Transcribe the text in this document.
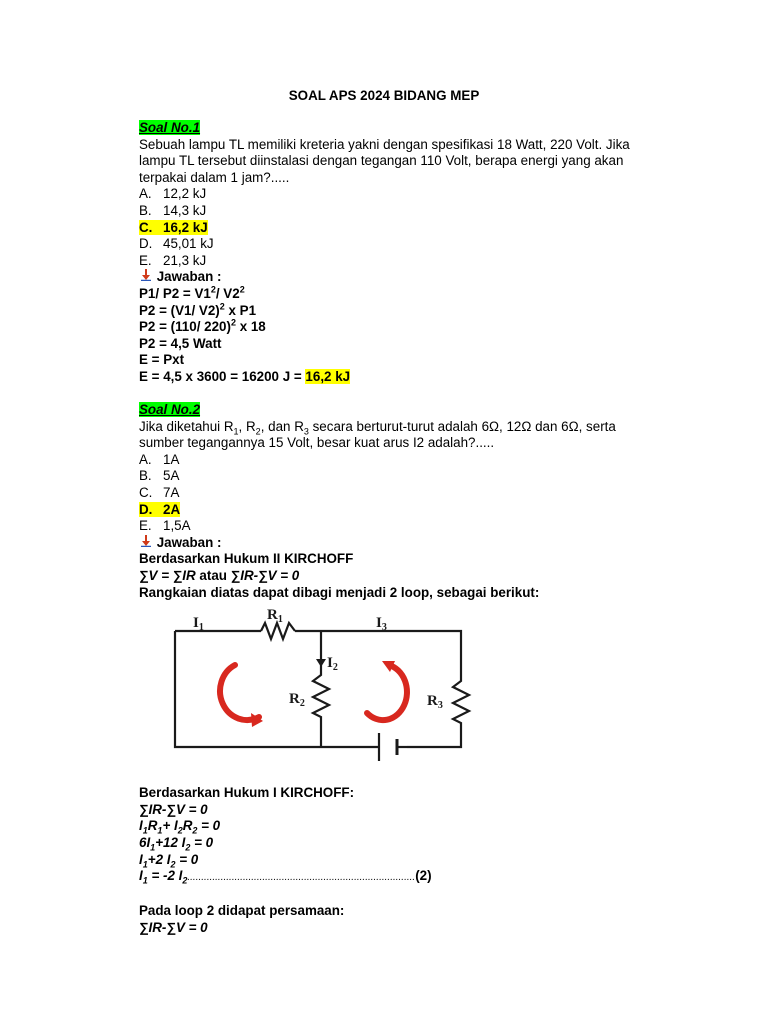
SOAL APS 2024 BIDANG MEP
Soal No.1
Sebuah lampu TL memiliki kreteria yakni dengan spesifikasi 18 Watt, 220 Volt. Jika lampu TL tersebut diinstalasi dengan tegangan 110 Volt, berapa energi yang akan terpakai dalam 1 jam?.....
A. 12,2 kJ
B. 14,3 kJ
C. 16,2 kJ
D. 45,01 kJ
E. 21,3 kJ
Jawaban :
P1/ $P2 = V1^2/$ $V2^2$
P2 = (V1/ V2)$^2$ x P1
P2 = (110/ 220)$^2$ x 18
P2 = 4,5 Watt
E = Pxt
E = 4,5 x 3600 = 16200 J = 16,2 kJ
Soal No.2
Jika diketahui $R_1$, $R_2$, dan $R_3$ secara berturut-turut adalah 6Ω, 12Ω dan 6Ω, serta sumber tegangannya 15 Volt, besar kuat arus I2 adalah?.....
A. 1A
B. 5A
C. 7A
D. 2A
E. 1,5A
Jawaban :
Berdasarkan Hukum II KIRCHOFF
∑V = ∑IR atau ∑IR-∑V = 0
Rangkaian diatas dapat dibagi menjadi 2 loop, sebagai berikut:
$I_1$
$R_1$	$I_3$
$I_2$
$R_2$	$R_3$
Berdasarkan Hukum I KIRCHOFF:
∑IR-∑V = 0
$I_1R_1+ I_2R_2 = 0$
$6I_1+12$ $I_2 = 0$
$I_1+2$ $I_2 = 0$
$I_1 = -2$ $I_2..................................................................................(2)$
Pada loop 2 didapat persamaan:
∑IR-∑V = 0
